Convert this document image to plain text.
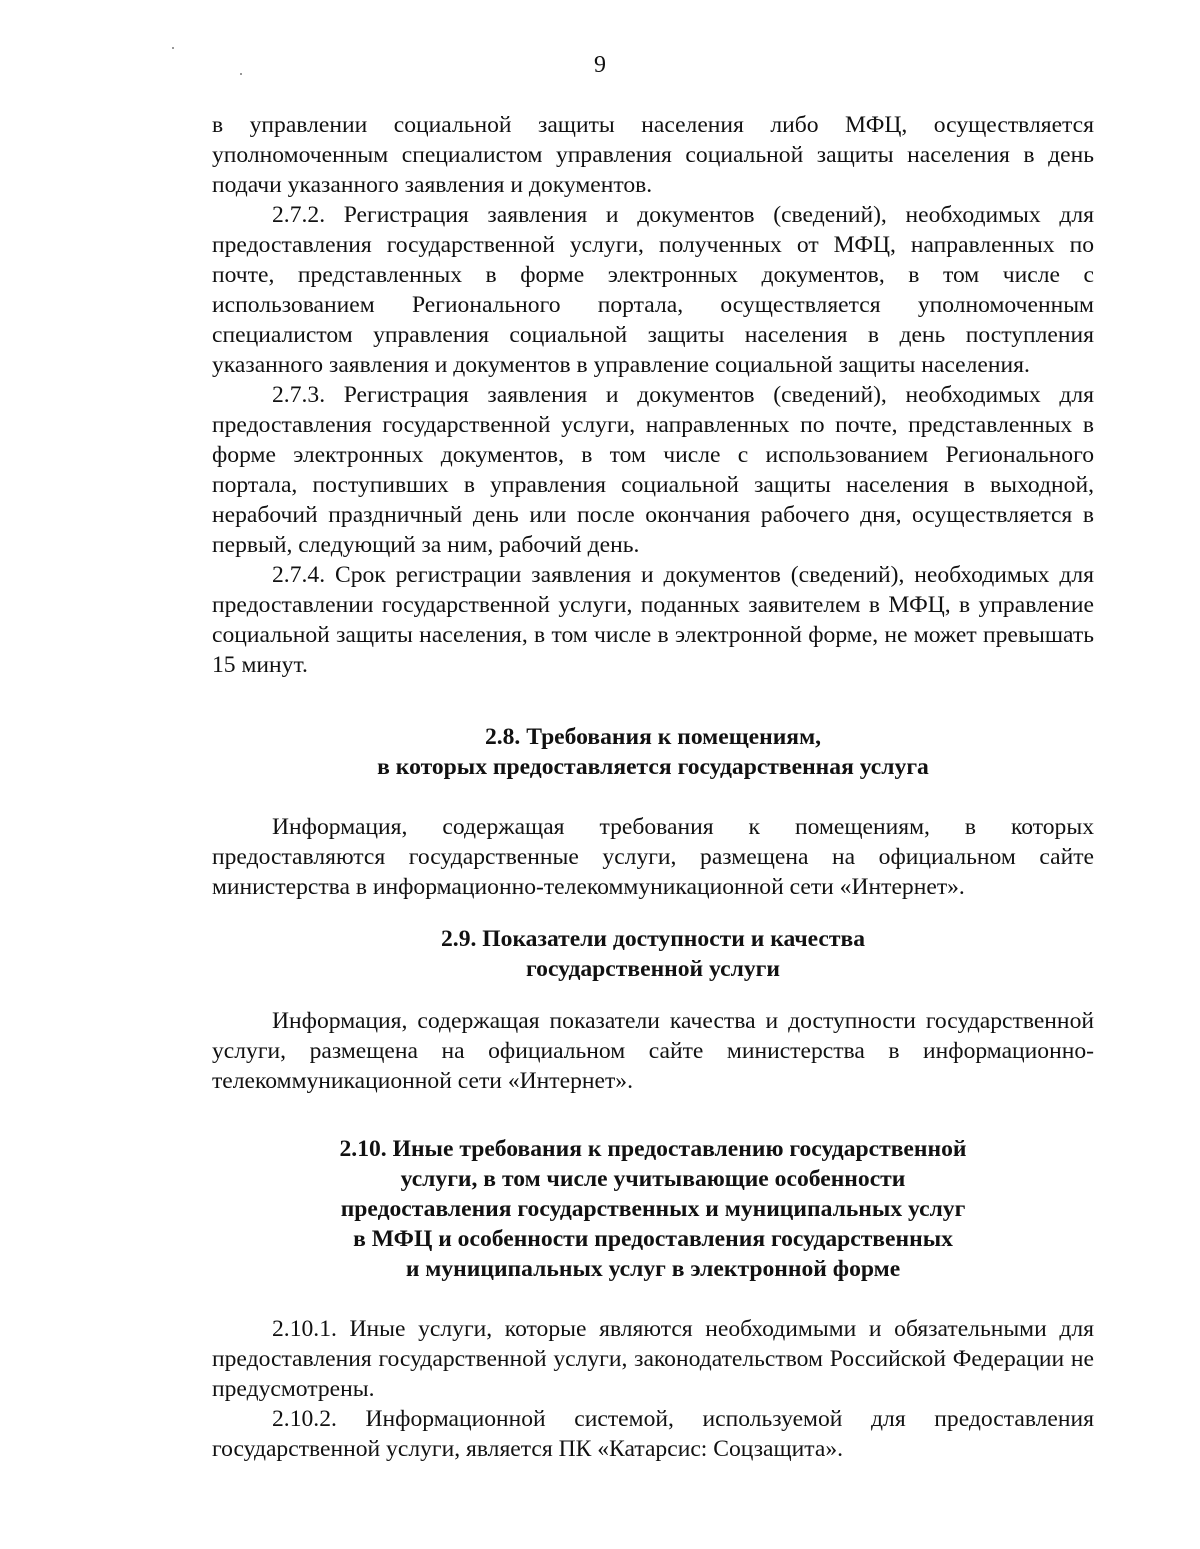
9

в управлении социальной защиты населения либо МФЦ, осуществляется уполномоченным специалистом управления социальной защиты населения в день подачи указанного заявления и документов.

2.7.2. Регистрация заявления и документов (сведений), необходимых для предоставления государственной услуги, полученных от МФЦ, направленных по почте, представленных в форме электронных документов, в том числе с использованием Регионального портала, осуществляется уполномоченным специалистом управления социальной защиты населения в день поступления указанного заявления и документов в управление социальной защиты населения.

2.7.3. Регистрация заявления и документов (сведений), необходимых для предоставления государственной услуги, направленных по почте, представленных в форме электронных документов, в том числе с использованием Регионального портала, поступивших в управления социальной защиты населения в выходной, нерабочий праздничный день или после окончания рабочего дня, осуществляется в первый, следующий за ним, рабочий день.

2.7.4. Срок регистрации заявления и документов (сведений), необходимых для предоставлении государственной услуги, поданных заявителем в МФЦ, в управление социальной защиты населения, в том числе в электронной форме, не может превышать 15 минут.

2.8. Требования к помещениям,
в которых предоставляется государственная услуга

Информация, содержащая требования к помещениям, в которых предоставляются государственные услуги, размещена на официальном сайте министерства в информационно-телекоммуникационной сети «Интернет».

2.9. Показатели доступности и качества
государственной услуги

Информация, содержащая показатели качества и доступности государственной услуги, размещена на официальном сайте министерства в информационно-телекоммуникационной сети «Интернет».

2.10. Иные требования к предоставлению государственной
услуги, в том числе учитывающие особенности
предоставления государственных и муниципальных услуг
в МФЦ и особенности предоставления государственных
и муниципальных услуг в электронной форме

2.10.1. Иные услуги, которые являются необходимыми и обязательными для предоставления государственной услуги, законодательством Российской Федерации не предусмотрены.

2.10.2. Информационной системой, используемой для предоставления государственной услуги, является ПК «Катарсис: Соцзащита».
